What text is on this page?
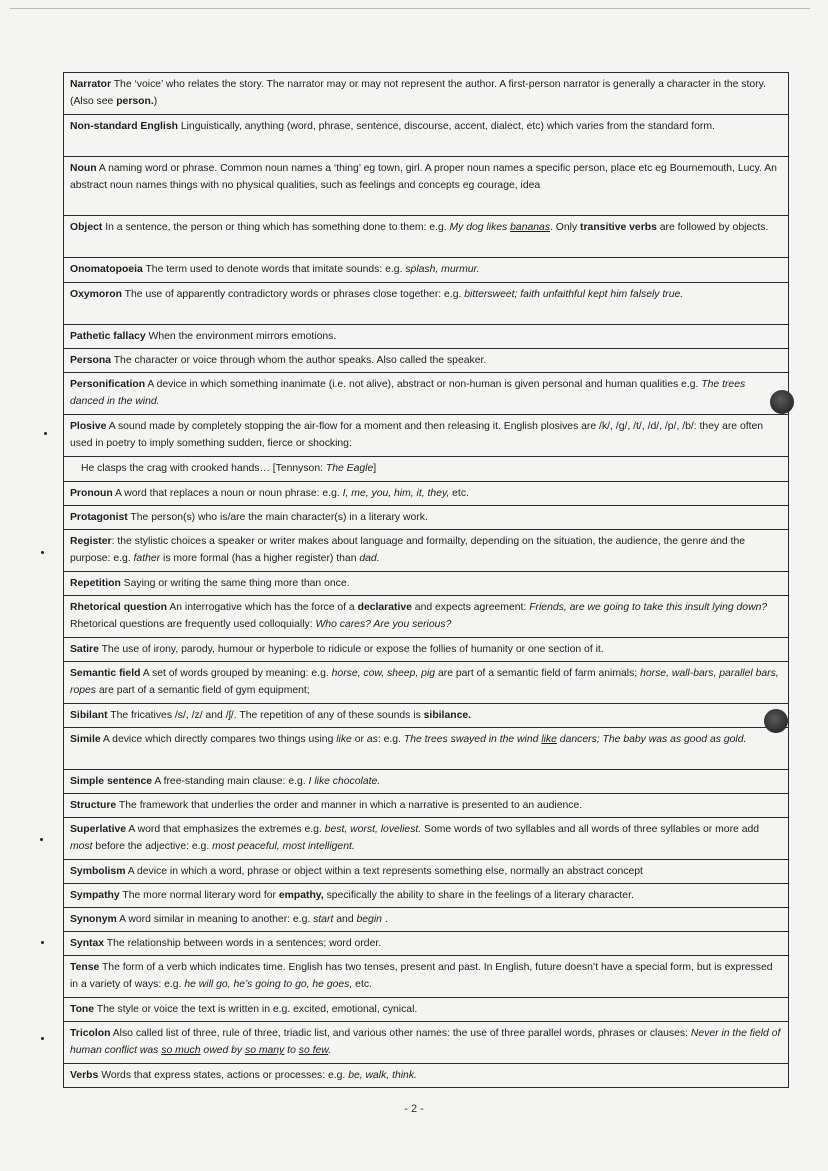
Narrator The ‘voice’ who relates the story. The narrator may or may not represent the author. A first-person narrator is generally a character in the story. (Also see person.)
Non-standard English Linguistically, anything (word, phrase, sentence, discourse, accent, dialect, etc) which varies from the standard form.
Noun A naming word or phrase. Common noun names a ‘thing’ eg town, girl. A proper noun names a specific person, place etc eg Bournemouth, Lucy. An abstract noun names things with no physical qualities, such as feelings and concepts eg courage, idea
Object In a sentence, the person or thing which has something done to them: e.g. My dog likes bananas. Only transitive verbs are followed by objects.
Onomatopoeia The term used to denote words that imitate sounds: e.g. splash, murmur.
Oxymoron The use of apparently contradictory words or phrases close together: e.g. bittersweet; faith unfaithful kept him falsely true.
Pathetic fallacy When the environment mirrors emotions.
Persona The character or voice through whom the author speaks. Also called the speaker.
Personification A device in which something inanimate (i.e. not alive), abstract or non-human is given personal and human qualities e.g. The trees danced in the wind.
Plosive A sound made by completely stopping the air-flow for a moment and then releasing it. English plosives are /k/, /g/, /t/, /d/, /p/, /b/: they are often used in poetry to imply something sudden, fierce or shocking:
He clasps the crag with crooked hands… [Tennyson: The Eagle]
Pronoun A word that replaces a noun or noun phrase: e.g. I, me, you, him, it, they, etc.
Protagonist The person(s) who is/are the main character(s) in a literary work.
Register: the stylistic choices a speaker or writer makes about language and formailty, depending on the situation, the audience, the genre and the purpose: e.g. father is more formal (has a higher register) than dad.
Repetition Saying or writing the same thing more than once.
Rhetorical question An interrogative which has the force of a declarative and expects agreement: Friends, are we going to take this insult lying down? Rhetorical questions are frequently used colloquially: Who cares? Are you serious?
Satire The use of irony, parody, humour or hyperbole to ridicule or expose the follies of humanity or one section of it.
Semantic field A set of words grouped by meaning: e.g. horse, cow, sheep, pig are part of a semantic field of farm animals; horse, wall-bars, parallel bars, ropes are part of a semantic field of gym equipment;
Sibilant The fricatives /s/, /z/ and /ʃ/. The repetition of any of these sounds is sibilance.
Simile A device which directly compares two things using like or as: e.g. The trees swayed in the wind like dancers; The baby was as good as gold.
Simple sentence A free-standing main clause: e.g. I like chocolate.
Structure The framework that underlies the order and manner in which a narrative is presented to an audience.
Superlative A word that emphasizes the extremes e.g. best, worst, loveliest. Some words of two syllables and all words of three syllables or more add most before the adjective: e.g. most peaceful, most intelligent.
Symbolism A device in which a word, phrase or object within a text represents something else, normally an abstract concept
Sympathy The more normal literary word for empathy, specifically the ability to share in the feelings of a literary character.
Synonym A word similar in meaning to another: e.g. start and begin .
Syntax The relationship between words in a sentences; word order.
Tense The form of a verb which indicates time. English has two tenses, present and past. In English, future doesn’t have a special form, but is expressed in a variety of ways: e.g. he will go, he’s going to go, he goes, etc.
Tone The style or voice the text is written in e.g. excited, emotional, cynical.
Tricolon Also called list of three, rule of three, triadic list, and various other names: the use of three parallel words, phrases or clauses: Never in the field of human conflict was so much owed by so many to so few.
Verbs Words that express states, actions or processes: e.g. be, walk, think.
- 2 -
